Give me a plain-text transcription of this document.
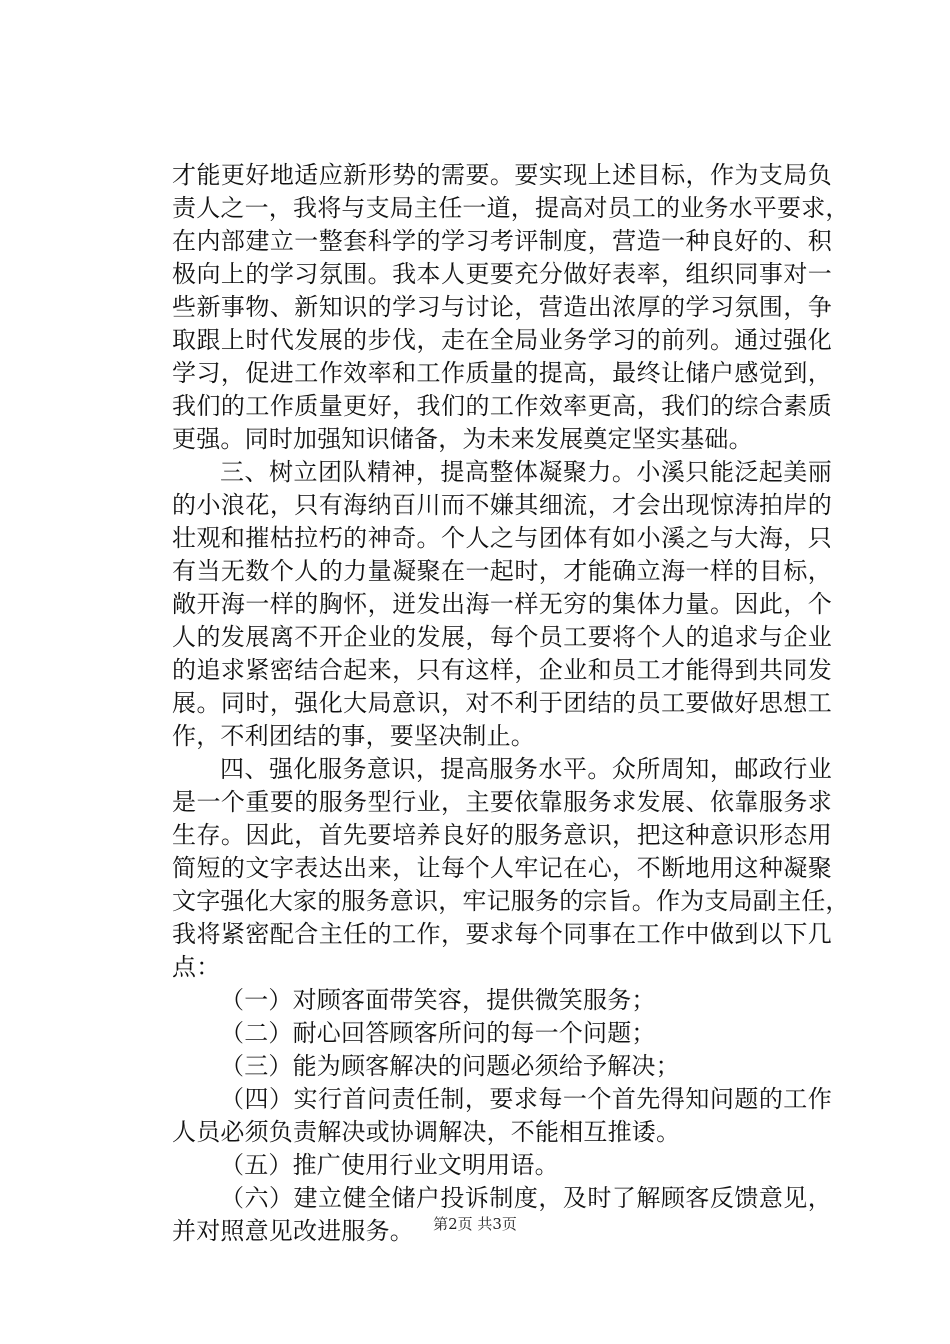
才能更好地适应新形势的需要。要实现上述目标，作为支局负
责人之一，我将与支局主任一道，提高对员工的业务水平要求，
在内部建立一整套科学的学习考评制度，营造一种良好的、积
极向上的学习氛围。我本人更要充分做好表率，组织同事对一
些新事物、新知识的学习与讨论，营造出浓厚的学习氛围，争
取跟上时代发展的步伐，走在全局业务学习的前列。通过强化
学习，促进工作效率和工作质量的提高，最终让储户感觉到，
我们的工作质量更好，我们的工作效率更高，我们的综合素质
更强。同时加强知识储备，为未来发展奠定坚实基础。
三、树立团队精神，提高整体凝聚力。小溪只能泛起美丽
的小浪花，只有海纳百川而不嫌其细流，才会出现惊涛拍岸的
壮观和摧枯拉朽的神奇。个人之与团体有如小溪之与大海，只
有当无数个人的力量凝聚在一起时，才能确立海一样的目标，
敞开海一样的胸怀，迸发出海一样无穷的集体力量。因此，个
人的发展离不开企业的发展，每个员工要将个人的追求与企业
的追求紧密结合起来，只有这样，企业和员工才能得到共同发
展。同时，强化大局意识，对不利于团结的员工要做好思想工
作，不利团结的事，要坚决制止。
四、强化服务意识，提高服务水平。众所周知，邮政行业
是一个重要的服务型行业，主要依靠服务求发展、依靠服务求
生存。因此，首先要培养良好的服务意识，把这种意识形态用
简短的文字表达出来，让每个人牢记在心，不断地用这种凝聚
文字强化大家的服务意识，牢记服务的宗旨。作为支局副主任，
我将紧密配合主任的工作，要求每个同事在工作中做到以下几
点：
（一）对顾客面带笑容，提供微笑服务；
（二）耐心回答顾客所问的每一个问题；
（三）能为顾客解决的问题必须给予解决；
（四）实行首问责任制，要求每一个首先得知问题的工作
人员必须负责解决或协调解决，不能相互推诿。
（五）推广使用行业文明用语。
（六）建立健全储户投诉制度，及时了解顾客反馈意见，
并对照意见改进服务。	第2页 共3页
